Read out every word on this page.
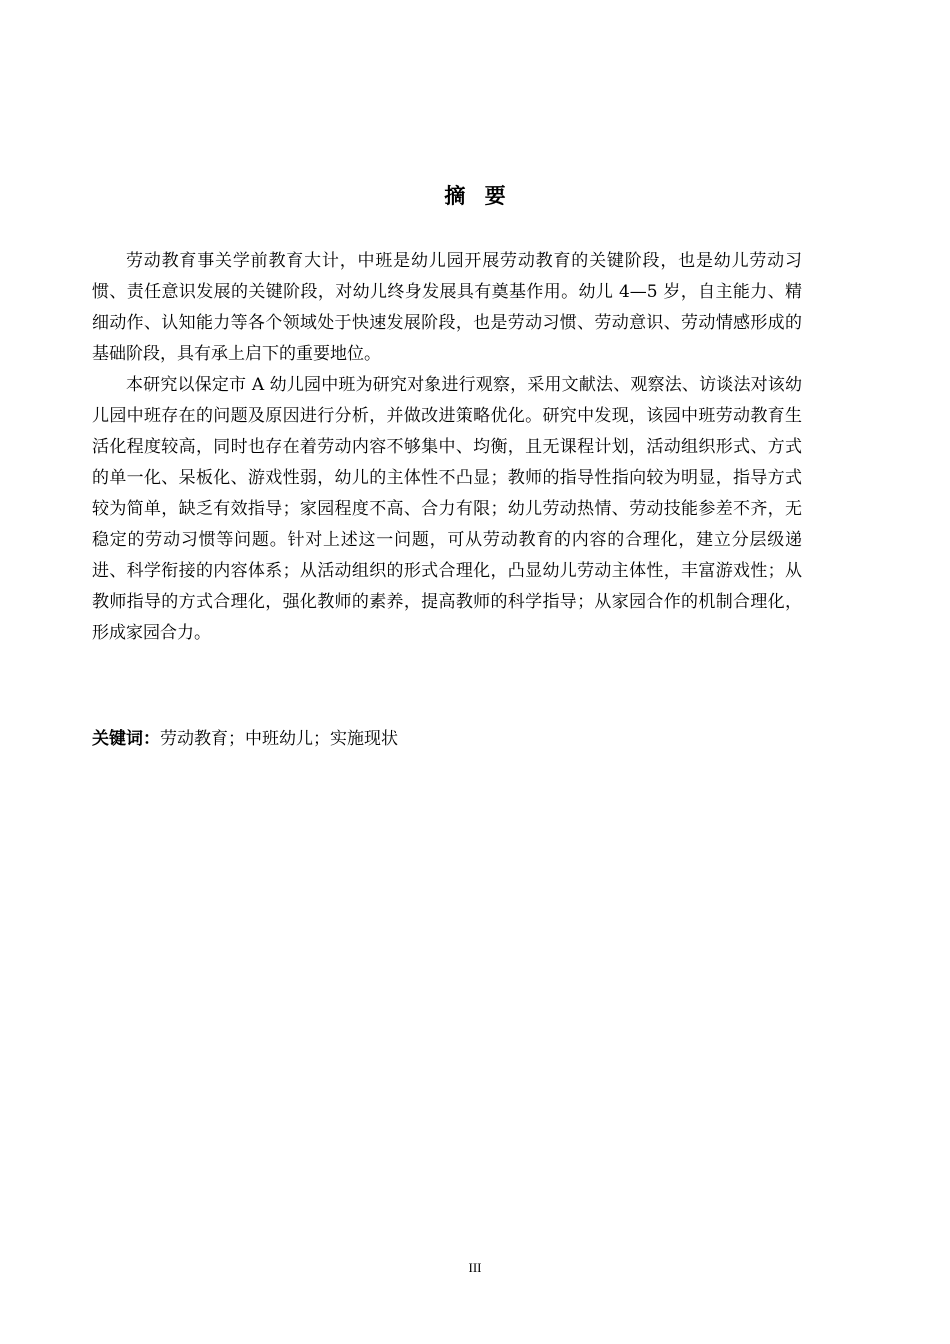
摘 要

劳动教育事关学前教育大计，中班是幼儿园开展劳动教育的关键阶段，也是幼儿劳动习惯、责任意识发展的关键阶段，对幼儿终身发展具有奠基作用。幼儿 4—5 岁，自主能力、精细动作、认知能力等各个领域处于快速发展阶段，也是劳动习惯、劳动意识、劳动情感形成的基础阶段，具有承上启下的重要地位。

本研究以保定市 A 幼儿园中班为研究对象进行观察，采用文献法、观察法、访谈法对该幼儿园中班存在的问题及原因进行分析，并做改进策略优化。研究中发现，该园中班劳动教育生活化程度较高，同时也存在着劳动内容不够集中、均衡，且无课程计划，活动组织形式、方式的单一化、呆板化、游戏性弱，幼儿的主体性不凸显；教师的指导性指向较为明显，指导方式较为简单，缺乏有效指导；家园程度不高、合力有限；幼儿劳动热情、劳动技能参差不齐，无稳定的劳动习惯等问题。针对上述这一问题，可从劳动教育的内容的合理化，建立分层级递进、科学衔接的内容体系；从活动组织的形式合理化，凸显幼儿劳动主体性，丰富游戏性；从教师指导的方式合理化，强化教师的素养，提高教师的科学指导；从家园合作的机制合理化，形成家园合力。

关键词：劳动教育；中班幼儿；实施现状
III
